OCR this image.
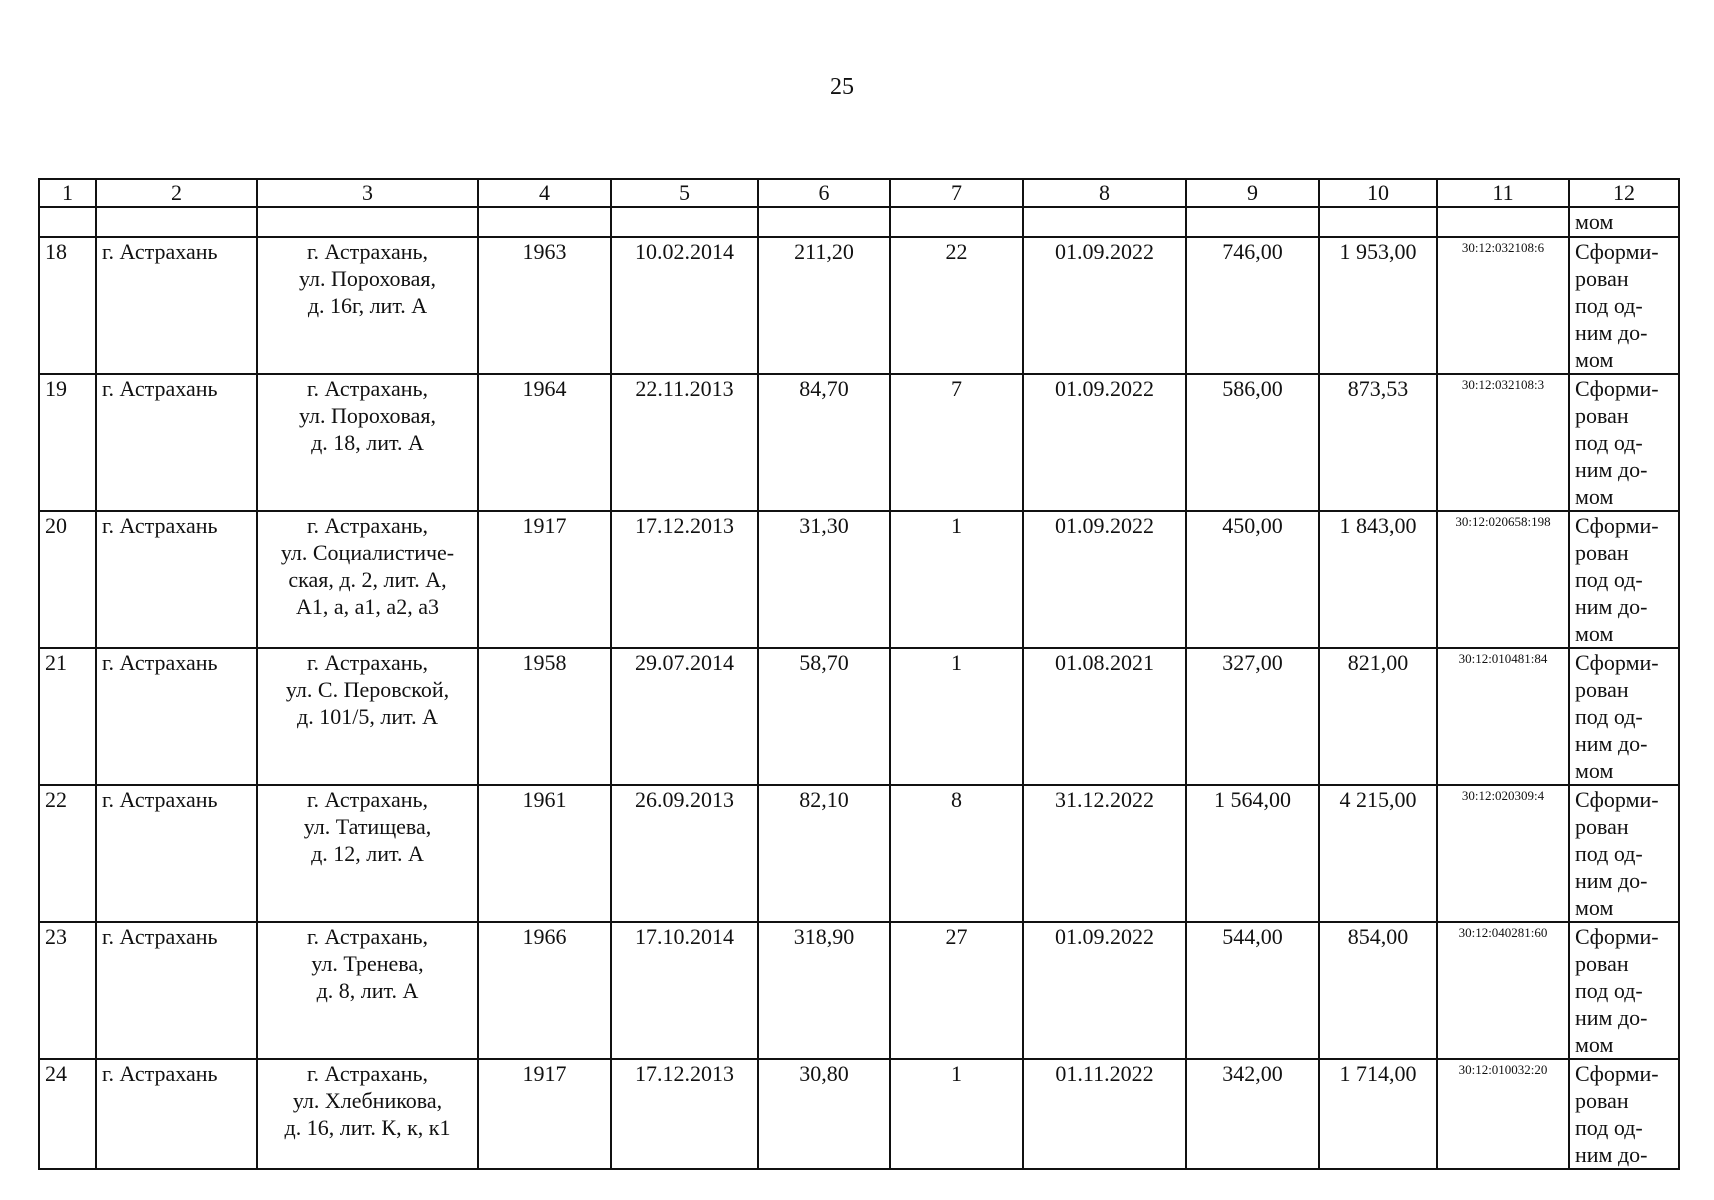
25
1	2	3	4	5	6	7	8	9	10	11	12
											мом
18	г. Астрахань	г. Астрахань,
ул. Пороховая,
д. 16г, лит. А	1963	10.02.2014	211,20	22	01.09.2022	746,00	1 953,00	30:12:032108:6	Сформи-
рован
под од-
ним до-
мом

19	г. Астрахань	г. Астрахань,
ул. Пороховая,
д. 18, лит. А	1964	22.11.2013	84,70	7	01.09.2022	586,00	873,53	30:12:032108:3	Сформи-
рован
под од-
ним до-
мом

20	г. Астрахань	г. Астрахань,
ул. Социалистиче-
ская, д. 2, лит. А,
А1, а, а1, а2, а3	1917	17.12.2013	31,30	1	01.09.2022	450,00	1 843,00	30:12:020658:198	Сформи-
рован
под од-
ним до-
мом

21	г. Астрахань	г. Астрахань,
ул. С. Перовской,
д. 101/5, лит. А	1958	29.07.2014	58,70	1	01.08.2021	327,00	821,00	30:12:010481:84	Сформи-
рован
под од-
ним до-
мом

22	г. Астрахань	г. Астрахань,
ул. Татищева,
д. 12, лит. А	1961	26.09.2013	82,10	8	31.12.2022	1 564,00	4 215,00	30:12:020309:4	Сформи-
рован
под од-
ним до-
мом

23	г. Астрахань	г. Астрахань,
ул. Тренева,
д. 8, лит. А	1966	17.10.2014	318,90	27	01.09.2022	544,00	854,00	30:12:040281:60	Сформи-
рован
под од-
ним до-
мом

24	г. Астрахань	г. Астрахань,
ул. Хлебникова,
д. 16, лит. К, к, к1	1917	17.12.2013	30,80	1	01.11.2022	342,00	1 714,00	30:12:010032:20	Сформи-
рован
под од-
ним до-
